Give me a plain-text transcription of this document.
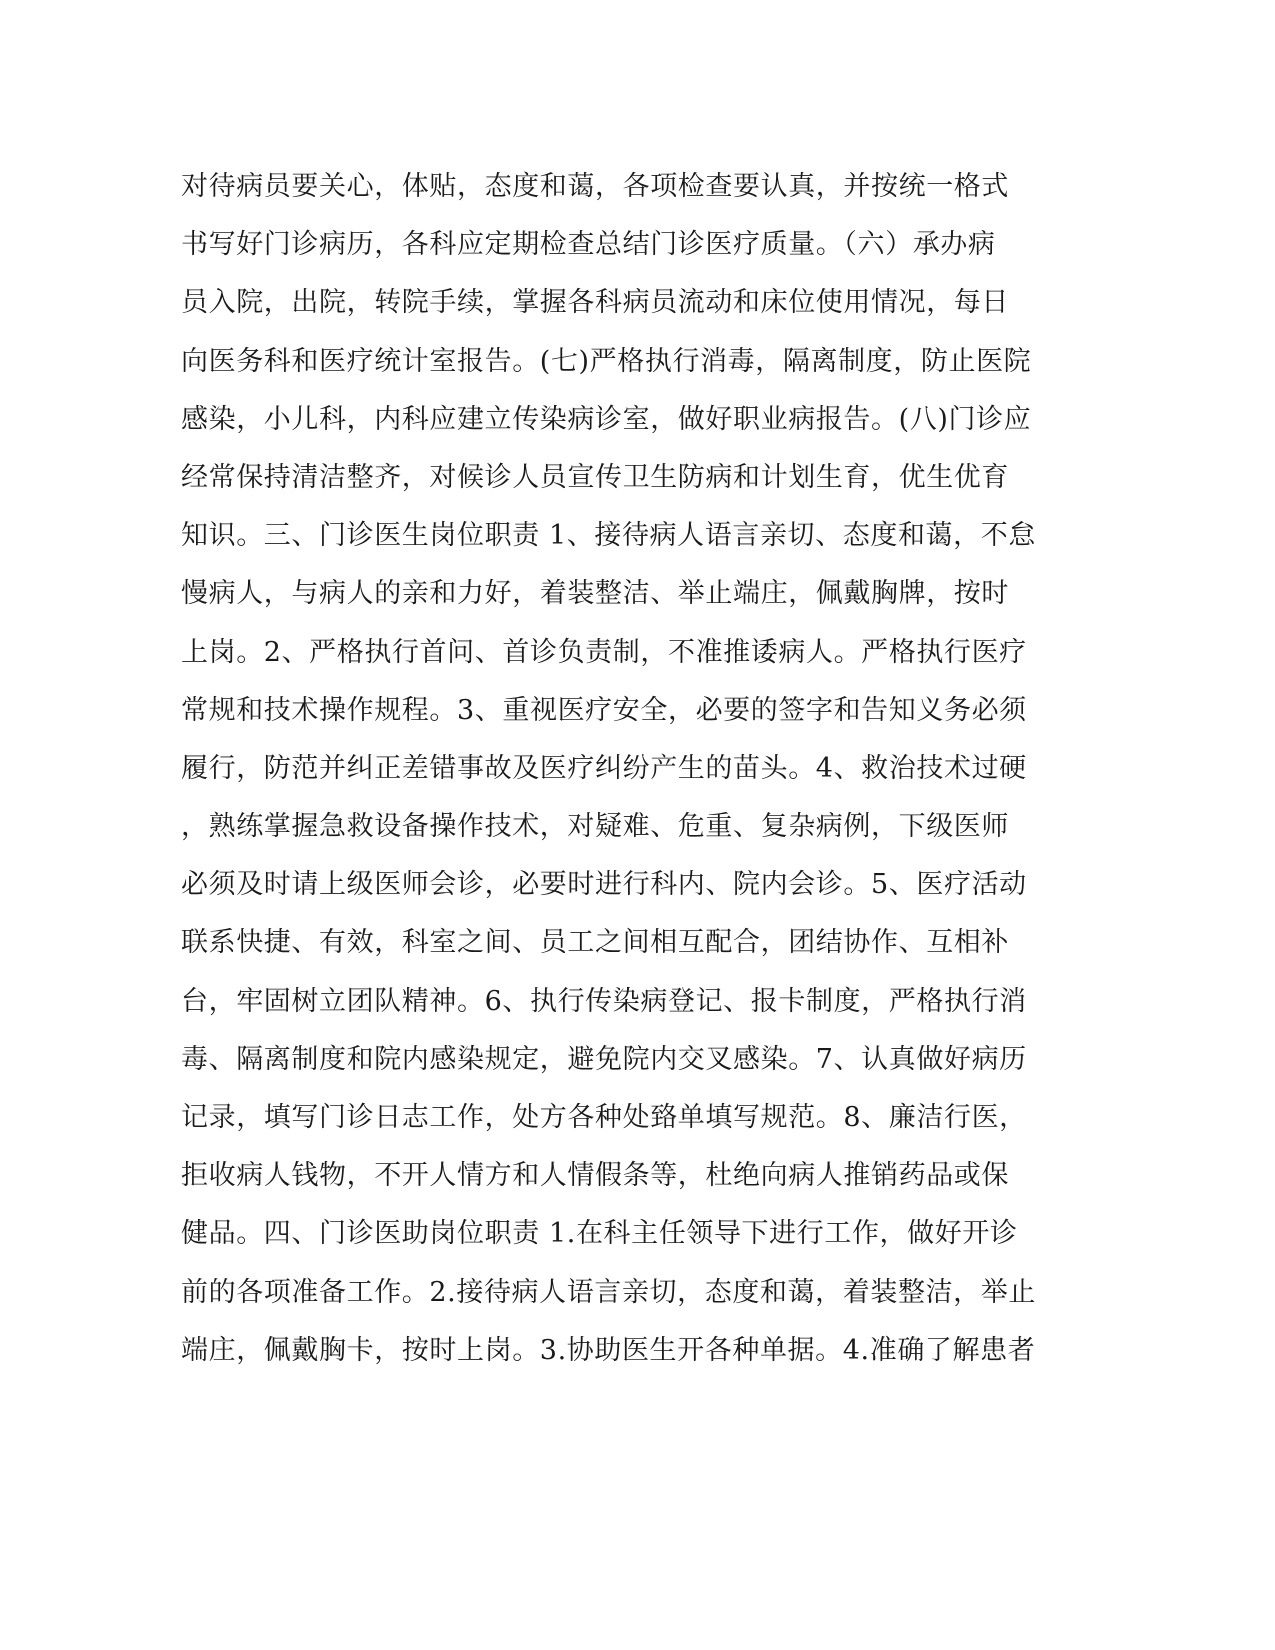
对待病员要关心，体贴，态度和蔼，各项检查要认真，并按统一格式
书写好门诊病历，各科应定期检查总结门诊医疗质量。（六）承办病
员入院，出院，转院手续，掌握各科病员流动和床位使用情况，每日
向医务科和医疗统计室报告。(七)严格执行消毒，隔离制度，防止医院
感染，小儿科，内科应建立传染病诊室，做好职业病报告。(八)门诊应
经常保持清洁整齐，对候诊人员宣传卫生防病和计划生育，优生优育
知识。三、门诊医生岗位职责 1、接待病人语言亲切、态度和蔼，不怠
慢病人，与病人的亲和力好，着装整洁、举止端庄，佩戴胸牌，按时
上岗。2、严格执行首问、首诊负责制，不准推诿病人。严格执行医疗
常规和技术操作规程。3、重视医疗安全，必要的签字和告知义务必须
履行，防范并纠正差错事故及医疗纠纷产生的苗头。4、救治技术过硬
，熟练掌握急救设备操作技术，对疑难、危重、复杂病例，下级医师
必须及时请上级医师会诊，必要时进行科内、院内会诊。5、医疗活动
联系快捷、有效，科室之间、员工之间相互配合，团结协作、互相补
台，牢固树立团队精神。6、执行传染病登记、报卡制度，严格执行消
毒、隔离制度和院内感染规定，避免院内交叉感染。7、认真做好病历
记录，填写门诊日志工作，处方各种处臵单填写规范。8、廉洁行医，
拒收病人钱物，不开人情方和人情假条等，杜绝向病人推销药品或保
健品。四、门诊医助岗位职责 1.在科主任领导下进行工作，做好开诊
前的各项准备工作。2.接待病人语言亲切，态度和蔼，着装整洁，举止
端庄，佩戴胸卡，按时上岗。3.协助医生开各种单据。4.准确了解患者
